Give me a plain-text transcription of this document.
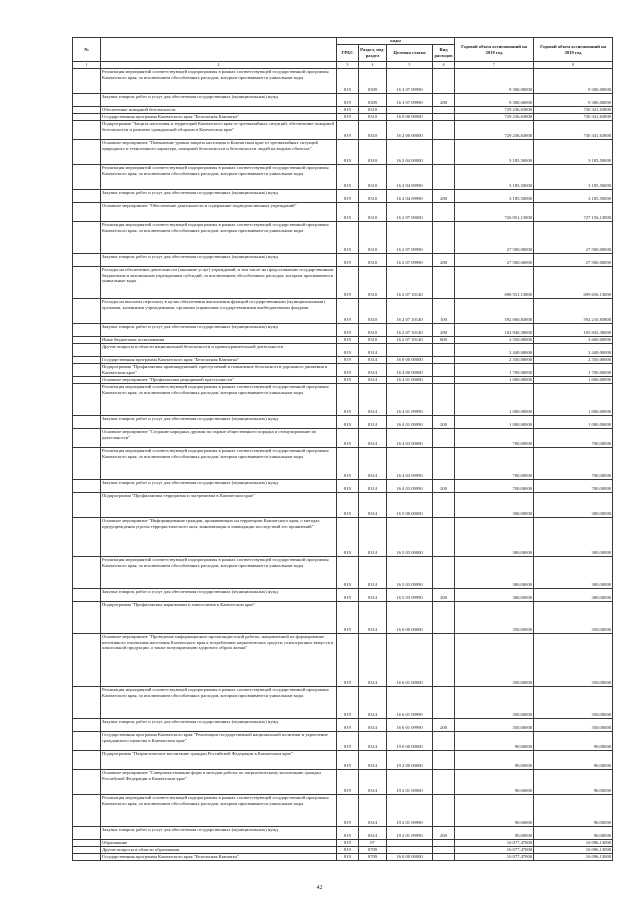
№		коды				Годовой объем ассигнований на 2018 год	Годовой объем ассигнований на 2019 год
		ГРБС	Раздел, под-раздел	Целевая статья	Вид расходов		
1	2	3	4	5	6	7	8
	Реализация мероприятий соответствующей подпрограммы в рамках соответствующей государственной программы Камчатского края, за исключением обособленных расходов, которым присваиваются уникальные коды	819	0309	16 3 07 09990		9 300,00000	9 300,00000
	Закупка товаров, работ и услуг для обеспечения государственных (муниципальных) нужд	819	0309	16 3 07 09990	200	9 300,00000	9 300,00000
	Обеспечение пожарной безопасности	819	0310			729 236,63800	730 341,63800
	Государственная программа Камчатского края "Безопасная Камчатка"	819	0310	16 0 00 00000		729 236,63800	730 341,63800
	Подпрограмма "Защита населения и территорий Камчатского края от чрезвычайных ситуаций, обеспечение пожарной безопасности и развитие гражданской обороны в Камчатском крае"	819	0310	16 2 00 00000		729 236,63800	730 341,63800
	Основное мероприятие "Повышение уровня защиты населения в Камчатском крае от чрезвычайных ситуаций природного и техногенного характера, пожарной безопасности и безопасности людей на водных объектах"	819	0310	16 2 04 00000		3 185,50000	3 185,50000
	Реализация мероприятий соответствующей подпрограммы в рамках соответствующей государственной программы Камчатского края, за исключением обособленных расходов, которым присваиваются уникальные коды	819	0310	16 2 04 09990		3 185,50000	3 185,50000
	Закупка товаров, работ и услуг для обеспечения государственных (муниципальных) нужд	819	0310	16 2 04 09990	200	3 185,50000	3 185,50000
	Основное мероприятие "Обеспечение деятельности и содержание подведомственных учреждений"	819	0310	16 2 07 00000		726 051,13800	727 156,13800
	Реализация мероприятий соответствующей подпрограммы в рамках соответствующей государственной программы Камчатского края, за исключением обособленных расходов, которым присваиваются уникальные коды	819	0310	16 2 07 09990		27 500,00000	27 500,00000
	Закупка товаров, работ и услуг для обеспечения государственных (муниципальных) нужд	819	0310	16 2 07 09990	200	27 500,00000	27 500,00000
	Расходы на обеспечение деятельности (оказание услуг) учреждений, в том числе на предоставление государственным бюджетным и автономным учреждениям субсидий, за исключением обособленных расходов, которым присваиваются уникальные коды	819	0310	16 2 07 10140		698 551,13800	699 656,13800
	Расходы на выплаты персоналу в целях обеспечения выполнения функций государственными (муниципальными) органами, казенными учреждениями, органами управления государственными внебюджетными фондами	819	0310	16 2 07 10140	100	592 060,83800	592 210,83800
	Закупка товаров, работ и услуг для обеспечения государственных (муниципальных) нужд	819	0310	16 2 07 10140	200	102 940,30000	103 845,30000
	Иные бюджетные ассигнования	819	0310	16 2 07 10140	800	3 550,00000	3 600,00000
	Другие вопросы в области национальной безопасности и правоохранительной деятельности	819	0314			2 440,00000	2 440,00000
	Государственная программа Камчатского края "Безопасная Камчатка"	819	0314	16 0 00 00000		2 350,00000	2 350,00000
	Подпрограмма "Профилактика правонарушений, преступлений и повышение безопасности дорожного движения в Камчатском крае"	819	0314	16 4 00 00000		1 700,00000	1 700,00000
	Основное мероприятие "Профилактика рецидивной преступности"	819	0314	16 4 01 00000		1 000,00000	1 000,00000
	Реализация мероприятий соответствующей подпрограммы в рамках соответствующей государственной программы Камчатского края, за исключением обособленных расходов, которым присваиваются уникальные коды	819	0314	16 4 01 09990		1 000,00000	1 000,00000
	Закупка товаров, работ и услуг для обеспечения государственных (муниципальных) нужд	819	0314	16 4 01 09990	200	1 000,00000	1 000,00000
	Основное мероприятие "Создание народных дружин по охране общественного порядка и стимулирование их деятельности"	819	0314	16 4 03 00000		700,00000	700,00000
	Реализация мероприятий соответствующей подпрограммы в рамках соответствующей государственной программы Камчатского края, за исключением обособленных расходов, которым присваиваются уникальные коды	819	0314	16 4 03 09990		700,00000	700,00000
	Закупка товаров, работ и услуг для обеспечения государственных (муниципальных) нужд	819	0314	16 4 03 09990	200	700,00000	700,00000
	Подпрограмма "Профилактика терроризма и экстремизма в Камчатском крае"	819	0314	16 5 00 00000		300,00000	300,00000
	Основное мероприятие "Информирование граждан, проживающих на территории Камчатского края, о методах предупреждения угрозы террористического акта, минимизации и ликвидации последствий его проявлений"	819	0314	16 5 03 00000		300,00000	300,00000
	Реализация мероприятий соответствующей подпрограммы в рамках соответствующей государственной программы Камчатского края, за исключением обособленных расходов, которым присваиваются уникальные коды	819	0314	16 5 03 09990		300,00000	300,00000
	Закупка товаров, работ и услуг для обеспечения государственных (муниципальных) нужд	819	0314	16 5 03 09990	200	300,00000	300,00000
	Подпрограмма "Профилактика наркомании и алкоголизма в Камчатском крае"	819	0314	16 6 00 00000		350,00000	350,00000
	Основное мероприятие "Проведение информационно-пропагандистской работы, направленной на формирование негативного отношения населения Камчатского края к потреблению наркотических средств, психотропных веществ и алкогольной продукции, а также популяризацию здорового образа жизни"	819	0314	16 6 01 00000		350,00000	350,00000
	Реализация мероприятий соответствующей подпрограммы в рамках соответствующей государственной программы Камчатского края, за исключением обособленных расходов, которым присваиваются уникальные коды	819	0314	16 6 01 09990		350,00000	350,00000
	Закупка товаров, работ и услуг для обеспечения государственных (муниципальных) нужд	819	0314	16 6 01 09990	200	350,00000	350,00000
	Государственная программа Камчатского края "Реализация государственной национальной политики и укрепление гражданского единства в Камчатском крае"	819	0314	19 0 00 00000		90,00000	90,00000
	Подпрограмма "Патриотическое воспитание граждан Российской Федерации в Камчатском крае"	819	0314	19 2 00 00000		90,00000	90,00000
	Основное мероприятие "Совершенствование форм и методов работы по патриотическому воспитанию граждан Российской Федерации в Камчатском крае"	819	0314	19 2 01 00000		90,00000	90,00000
	Реализация мероприятий соответствующей подпрограммы в рамках соответствующей государственной программы Камчатского края, за исключением обособленных расходов, которым присваиваются уникальные коды	819	0314	19 2 01 09990		90,00000	90,00000
	Закупка товаров, работ и услуг для обеспечения государственных (муниципальных) нужд	819	0314	19 2 01 09990	200	90,00000	90,00000
	Образование	819	07			16 077,47000	16 096,13000
	Другие вопросы в области образования	819	0709			16 077,47000	16 096,13000
	Государственная программа Камчатского края "Безопасная Камчатка"	819	0709	16 0 00 00000		16 077,47000	16 096,13000
42
